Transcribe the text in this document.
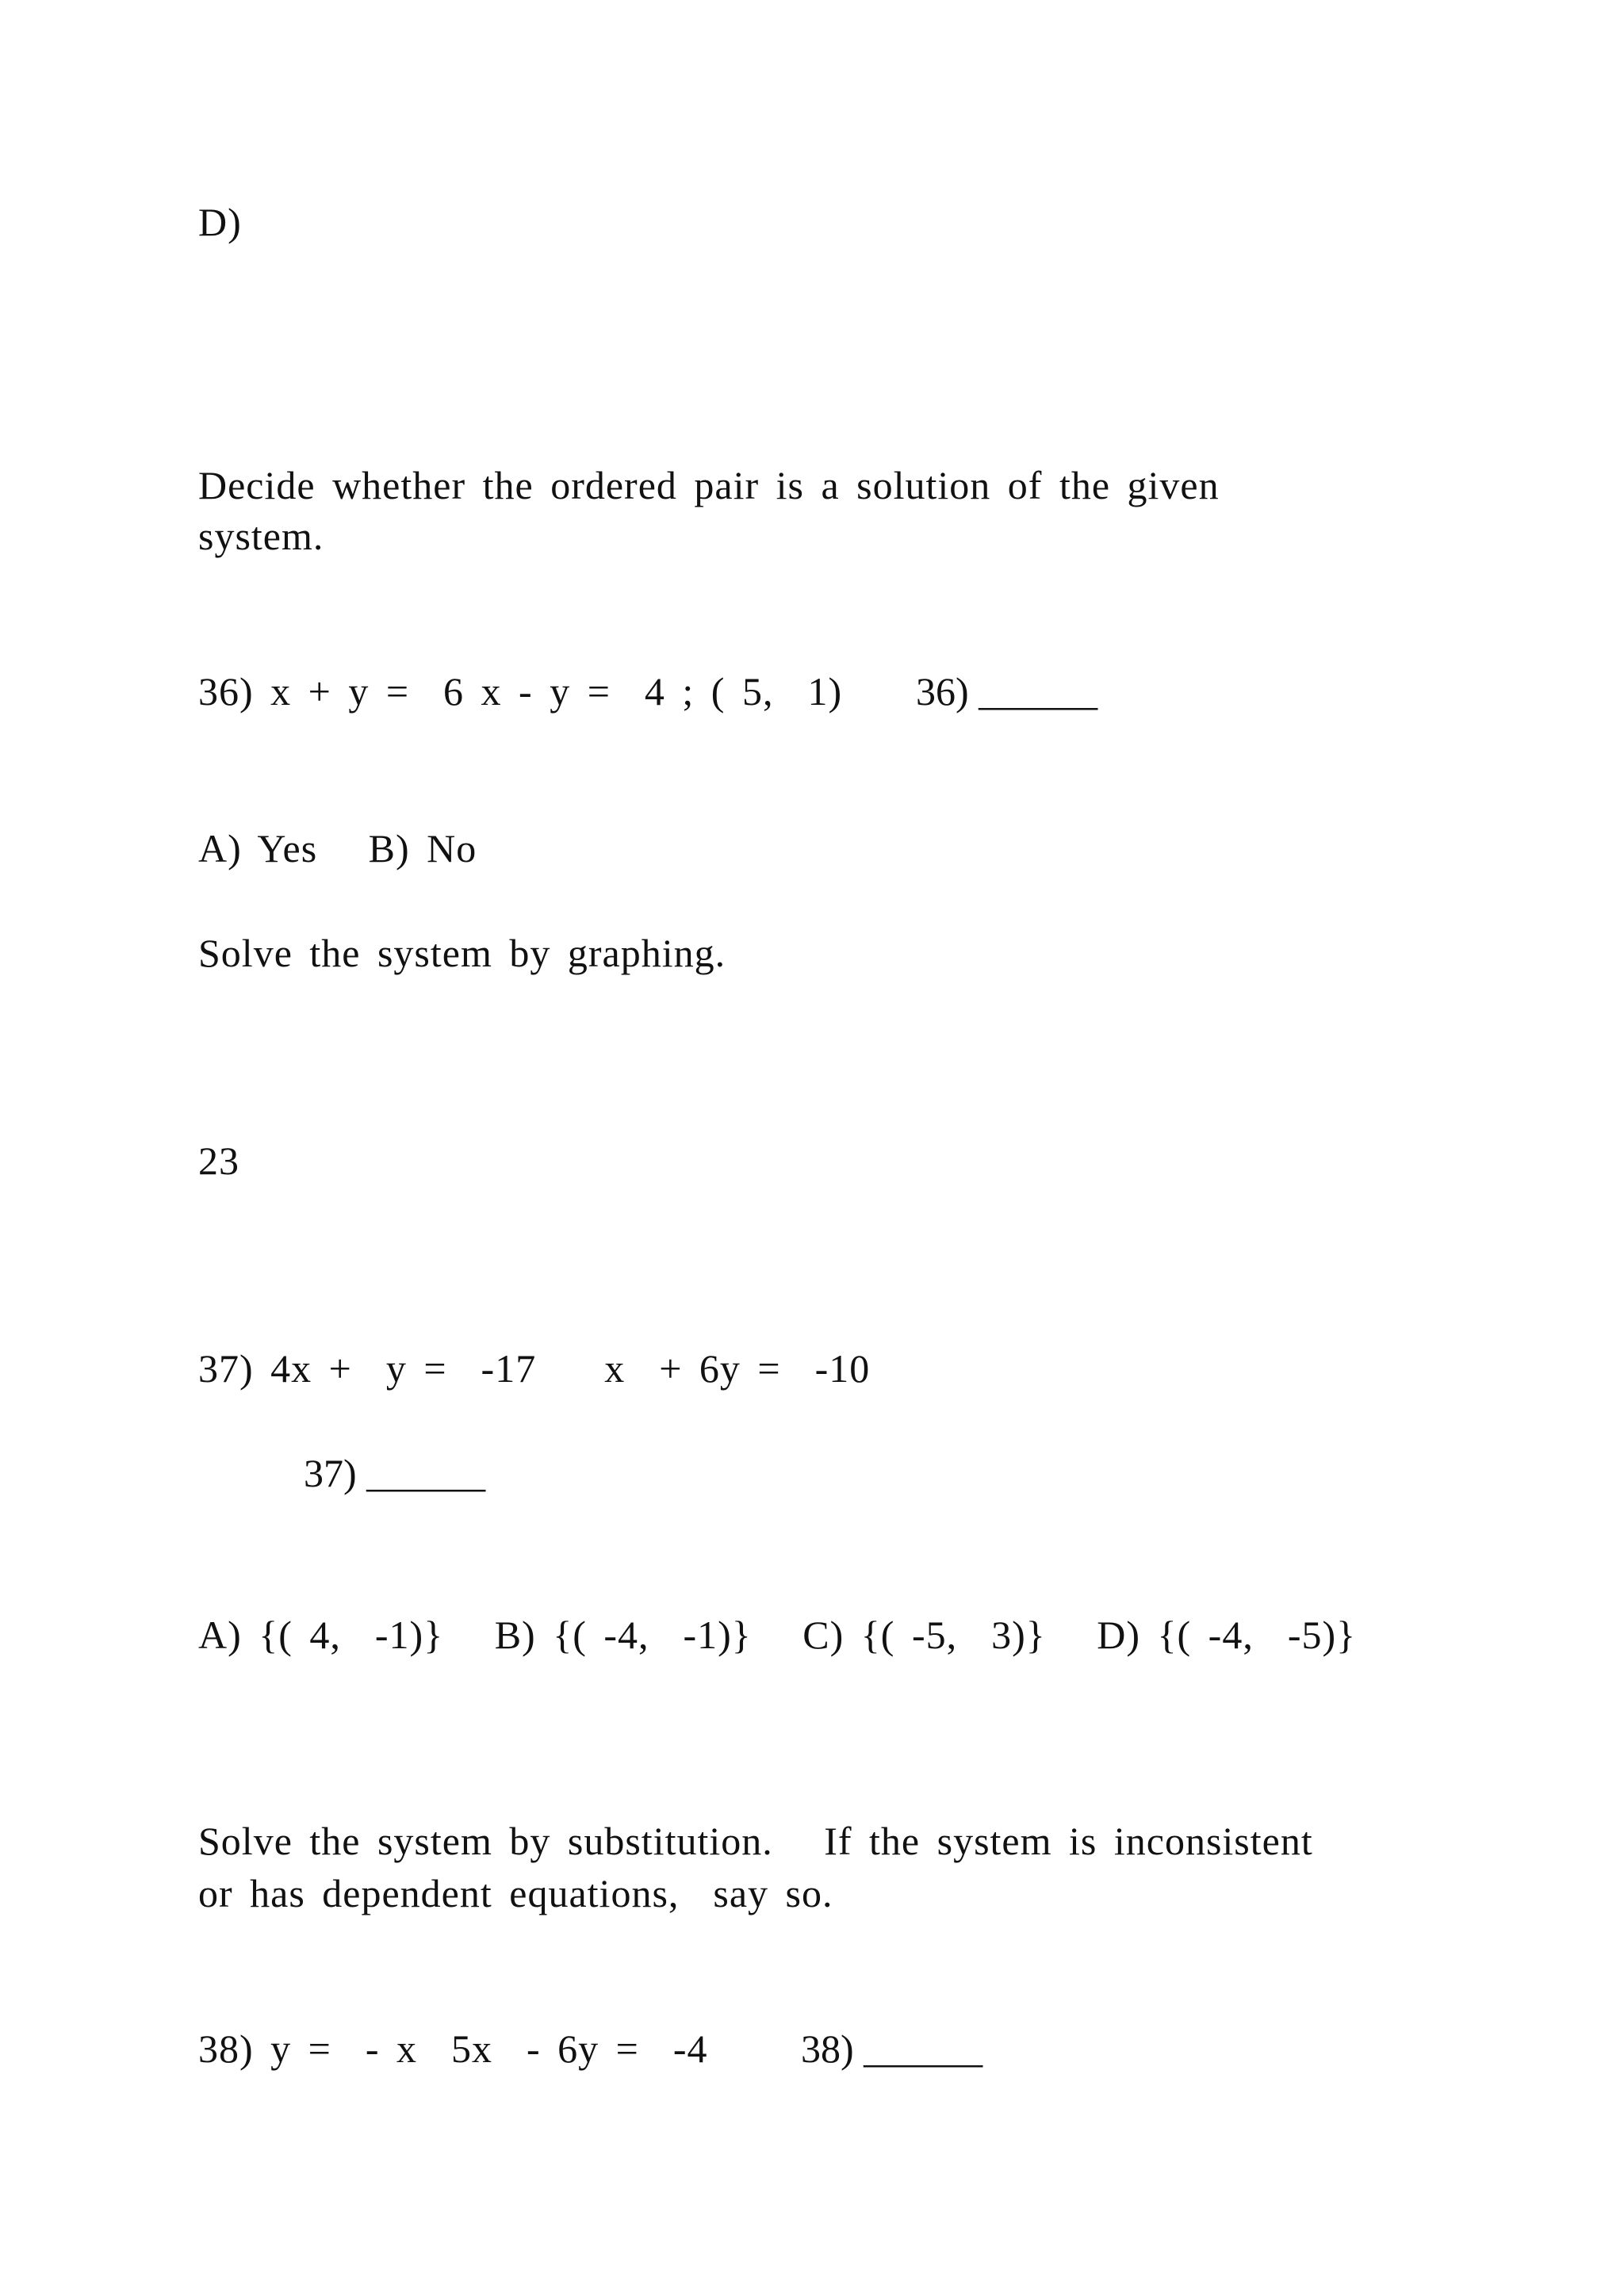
D)
Decide whether the ordered pair is a solution of the given
system.
36) x + y =  6 x - y =  4 ; ( 5,  1) 36) ______
A) Yes   B) No
Solve the system by graphing.
23
37) 4x +  y =  -17    x  + 6y =  -10
37) ______
A) {( 4,  -1)}   B) {( -4,  -1)}   C) {( -5,  3)}   D) {( -4,  -5)}
Solve the system by substitution.   If the system is inconsistent
or has dependent equations,  say so.
38) y =  - x  5x  - 6y =  -4 38) ______
